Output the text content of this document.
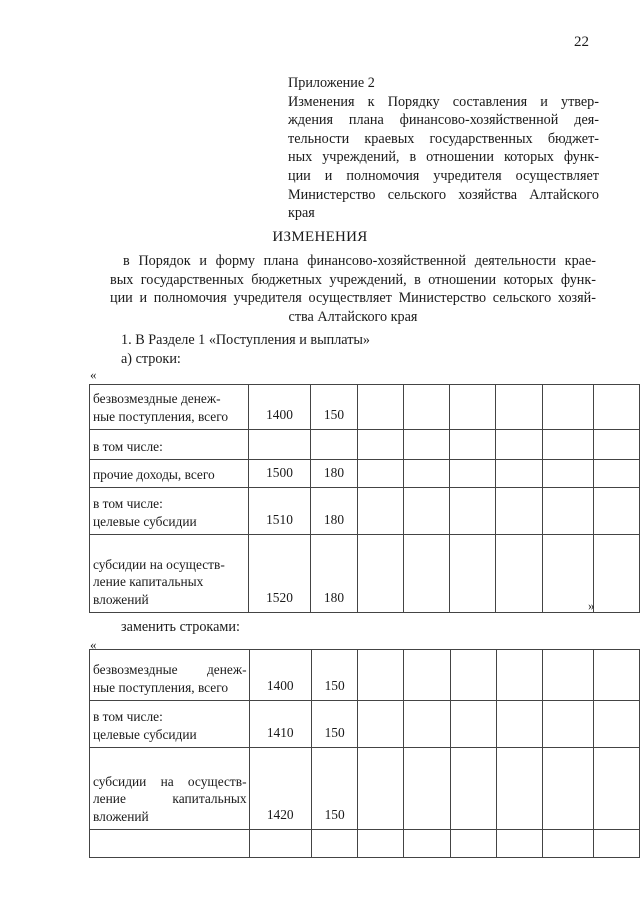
22
Приложение 2
Изменения к Порядку составления и утвер-
ждения плана финансово-хозяйственной дея-
тельности краевых государственных бюджет-
ных учреждений, в отношении которых функ-
ции и полномочия учредителя осуществляет
Министерство сельского хозяйства Алтайского
края
ИЗМЕНЕНИЯ
в Порядок и форму плана финансово-хозяйственной деятельности крае-
вых государственных бюджетных учреждений, в отношении которых функ-
ции и полномочия учредителя осуществляет Министерство сельского хозяй-
ства Алтайского края
1. В Разделе 1 «Поступления и выплаты»
а) строки:
«
безвозмездные денеж-
ные поступления, всего	1400	150						

в том числе:								

прочие доходы, всего	1500	180						

в том числе:
целевые субсидии	1510	180						

субсидии на осуществ-
ление капитальных
вложений	1520	180						
»
заменить строками:
«
безвозмездные денеж-
ные поступления, всего	1400	150						

в том числе:
целевые субсидии	1410	150						

субсидии на осуществ-
ление капитальных
вложений	1420	150						
